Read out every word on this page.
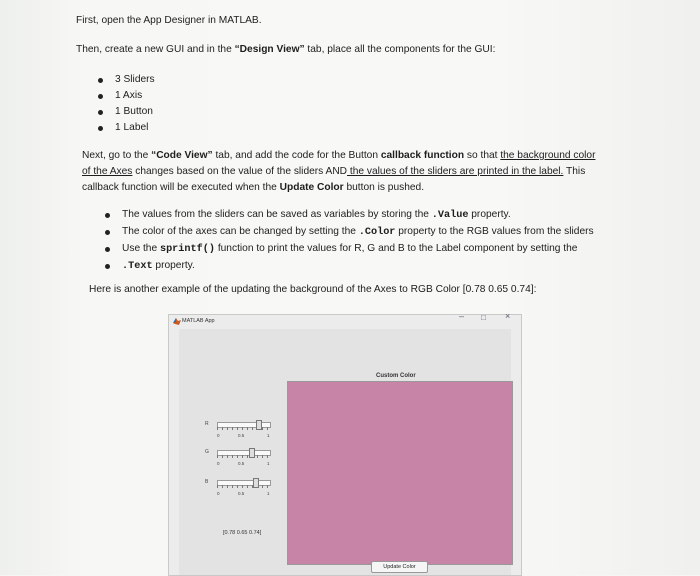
First, open the App Designer in MATLAB.
Then, create a new GUI and in the “Design View” tab, place all the components for the GUI:
3 Sliders
1 Axis
1 Button
1 Label
Next, go to the “Code View” tab, and add the code for the Button callback function so that the background color
of the Axes changes based on the value of the sliders AND the values of the sliders are printed in the label. This
callback function will be executed when the Update Color button is pushed.
The values from the sliders can be saved as variables by storing the .Value property.
The color of the axes can be changed by setting the .Color property to the RGB values from the sliders
Use the sprintf() function to print the values for R, G and B to the Label component by setting the
.Text property.
Here is another example of the updating the background of the Axes to RGB Color [0.78 0.65 0.74]:
MATLAB App	– □ ×
Custom Color
R
0	0.5	1
G
0	0.5	1
B
0	0.5	1
[0.78 0.65 0.74]
Update Color
